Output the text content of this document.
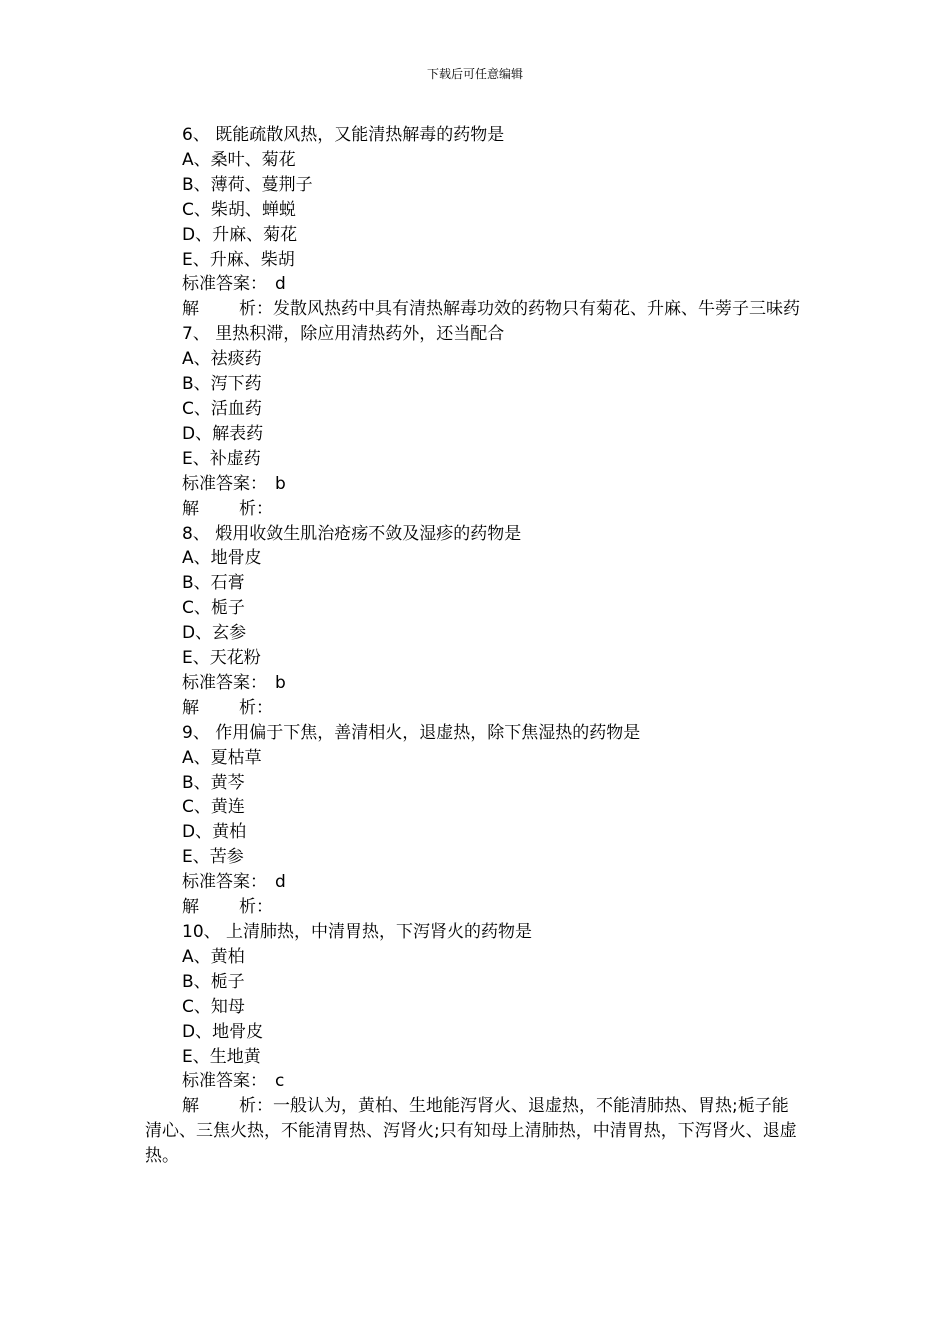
下载后可任意编辑
6、 既能疏散风热，又能清热解毒的药物是
A、桑叶、菊花
B、薄荷、蔓荆子
C、柴胡、蝉蜕
D、升麻、菊花
E、升麻、柴胡
标准答案： d
解 析：发散风热药中具有清热解毒功效的药物只有菊花、升麻、牛蒡子三味药
7、 里热积滞，除应用清热药外，还当配合
A、祛痰药
B、泻下药
C、活血药
D、解表药
E、补虚药
标准答案： b
解 析：
8、 煅用收敛生肌治疮疡不敛及湿疹的药物是
A、地骨皮
B、石膏
C、栀子
D、玄参
E、天花粉
标准答案： b
解 析：
9、 作用偏于下焦，善清相火，退虚热，除下焦湿热的药物是
A、夏枯草
B、黄芩
C、黄连
D、黄柏
E、苦参
标准答案： d
解 析：
10、 上清肺热，中清胃热，下泻肾火的药物是
A、黄柏
B、栀子
C、知母
D、地骨皮
E、生地黄
标准答案： c
解 析：一般认为，黄柏、生地能泻肾火、退虚热，不能清肺热、胃热;栀子能清心、三焦火热，不能清胃热、泻肾火;只有知母上清肺热，中清胃热，下泻肾火、退虚热。
